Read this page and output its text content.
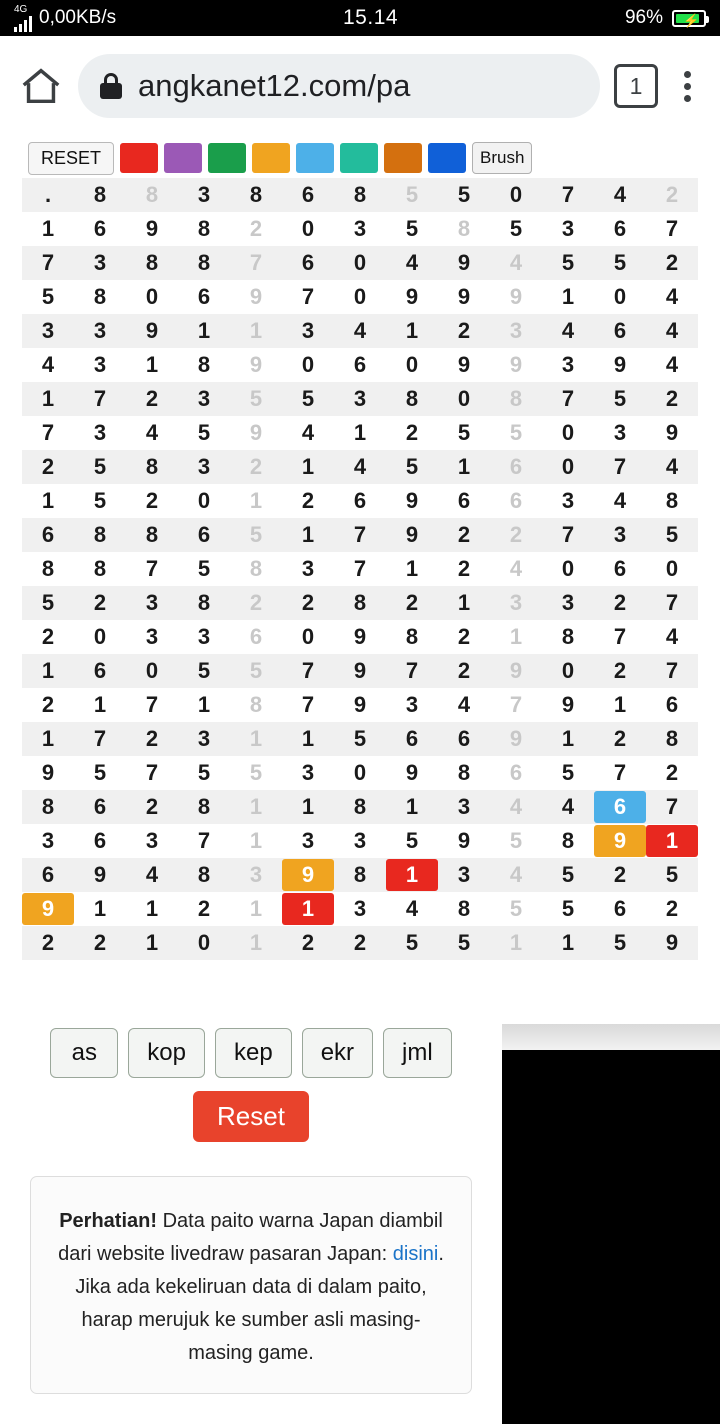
4G 0,00KB/s	15.14	96% ⚡
angkanet12.com/pa	1
RESET	Brush
.	8	8	3	8	6	8	5	5	0	7	4	2	

1	6	9	8	2	0	3	5	8	5	3	6	7

7	3	8	8	7	6	0	4	9	4	5	5	2

5	8	0	6	9	7	0	9	9	9	1	0	4

3	3	9	1	1	3	4	1	2	3	4	6	4

4	3	1	8	9	0	6	0	9	9	3	9	4

1	7	2	3	5	5	3	8	0	8	7	5	2

7	3	4	5	9	4	1	2	5	5	0	3	9

2	5	8	3	2	1	4	5	1	6	0	7	4

1	5	2	0	1	2	6	9	6	6	3	4	8

6	8	8	6	5	1	7	9	2	2	7	3	5

8	8	7	5	8	3	7	1	2	4	0	6	0

5	2	3	8	2	2	8	2	1	3	3	2	7

2	0	3	3	6	0	9	8	2	1	8	7	4

1	6	0	5	5	7	9	7	2	9	0	2	7

2	1	7	1	8	7	9	3	4	7	9	1	6

1	7	2	3	1	1	5	6	6	9	1	2	8

9	5	7	5	5	3	0	9	8	6	5	7	2

8	6	2	8	1	1	8	1	3	4	4	6	7

3	6	3	7	1	3	3	5	9	5	8	9	1

6	9	4	8	3	9	8	1	3	4	5	2	5

9	1	1	2	1	1	3	4	8	5	5	6	2

2	2	1	0	1	2	2	5	5	1	1	5	9

as	kop	kep	ekr	jml
Reset
Perhatian! Data paito warna Japan diambil dari website livedraw pasaran Japan: disini. Jika ada kekeliruan data di dalam paito, harap merujuk ke sumber asli masing-masing game.
